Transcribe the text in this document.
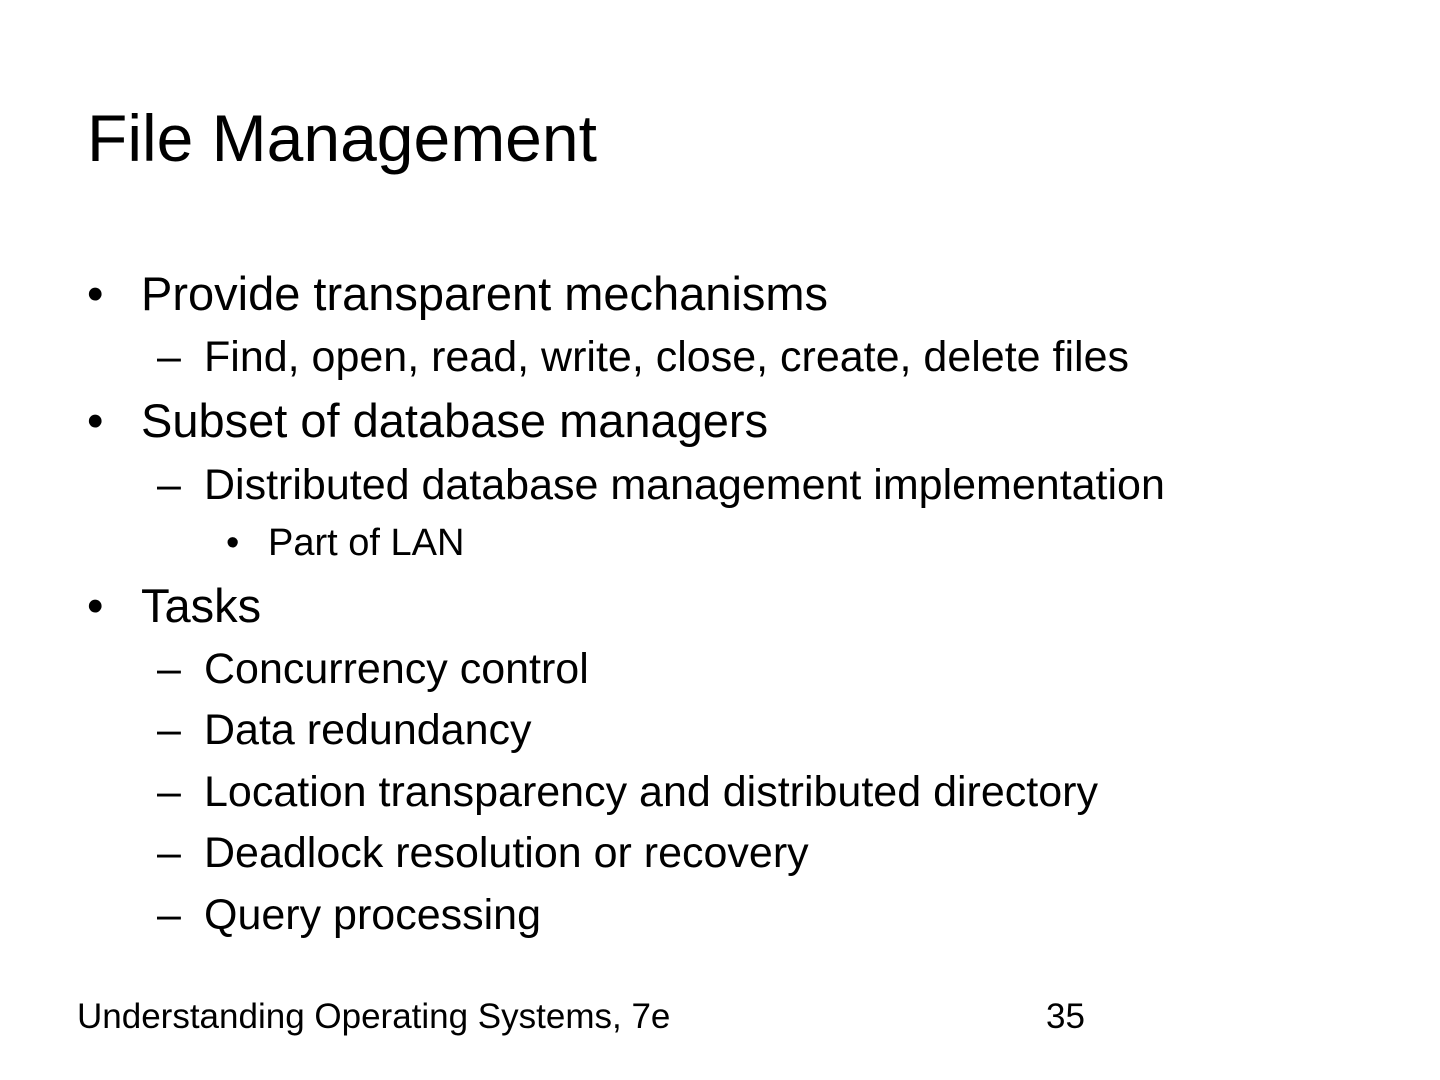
File Management
• Provide transparent mechanisms
– Find, open, read, write, close, create, delete files
• Subset of database managers
– Distributed database management implementation
• Part of LAN
• Tasks
– Concurrency control
– Data redundancy
– Location transparency and distributed directory
– Deadlock resolution or recovery
– Query processing
Understanding Operating Systems, 7e	35
